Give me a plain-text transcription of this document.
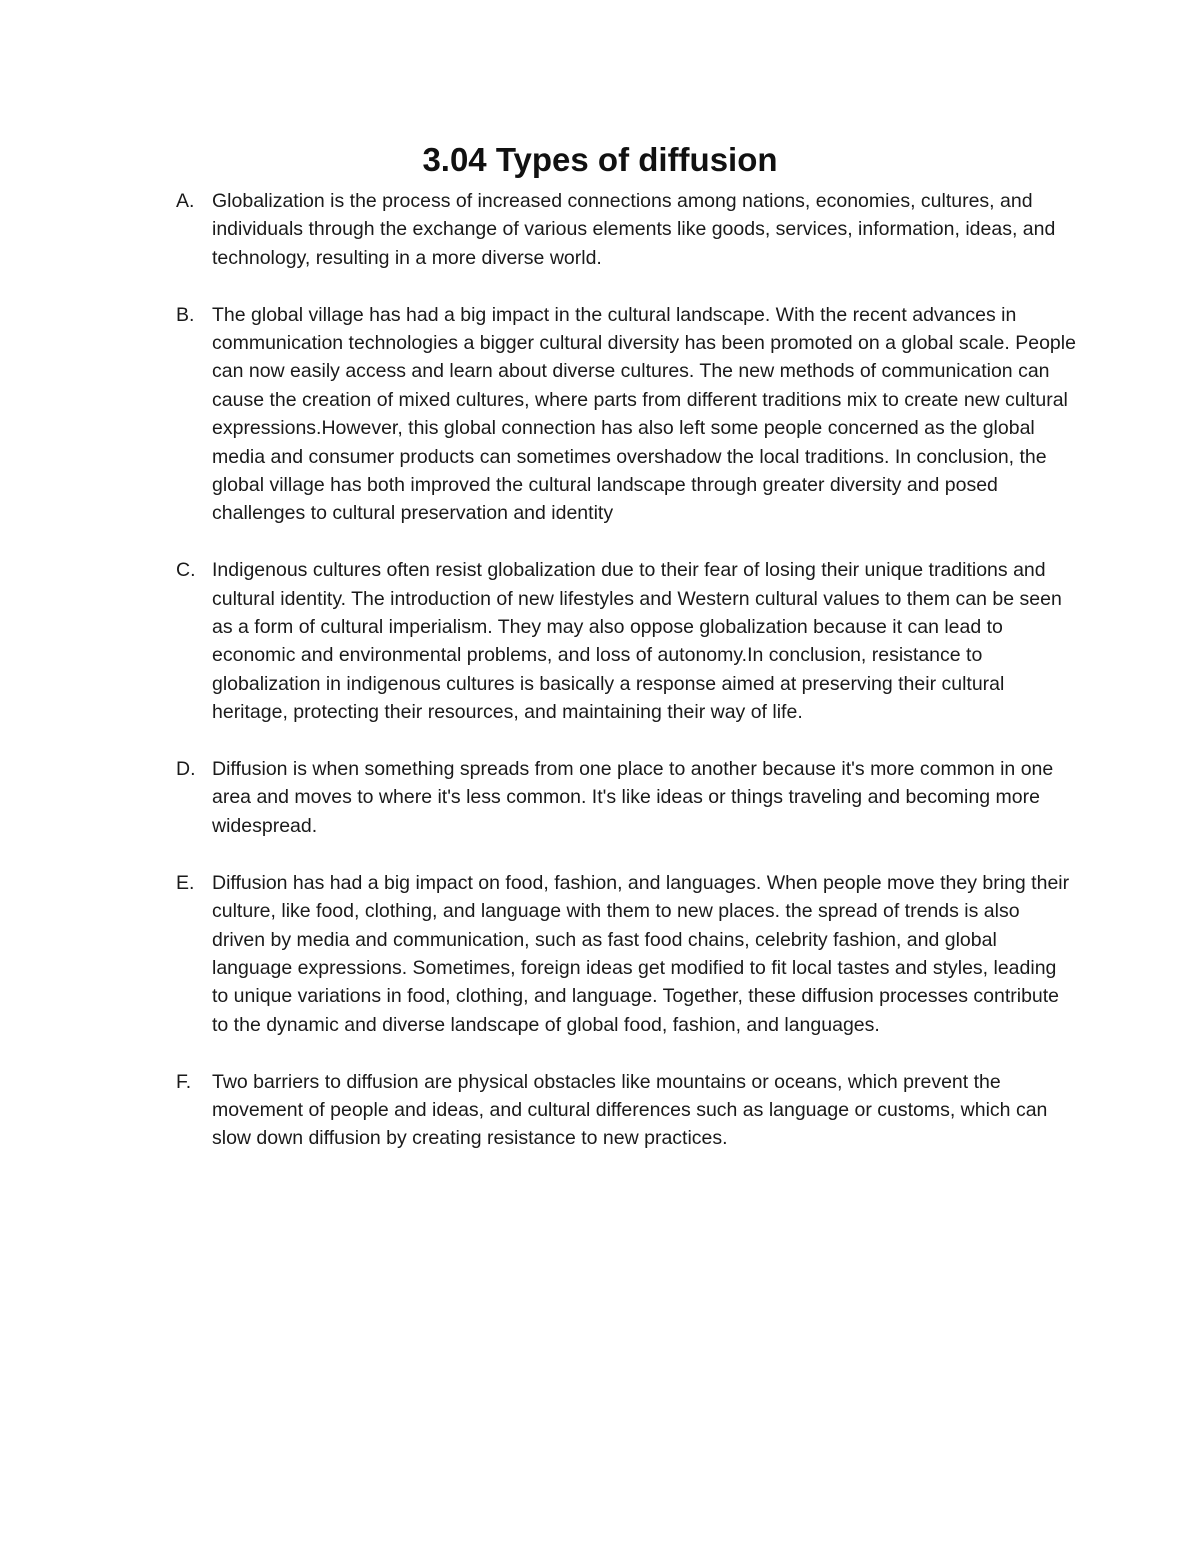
3.04 Types of diffusion
A. Globalization is the process of increased connections among nations, economies, cultures, and individuals through the exchange of various elements like goods, services, information, ideas, and technology, resulting in a more diverse world.
B. The global village has had a big impact in the cultural landscape. With the recent advances in communication technologies a bigger cultural diversity has been promoted on a global scale. People can now easily access and learn about diverse cultures. The new methods of communication can cause the creation of mixed cultures, where parts from different traditions mix to create new cultural expressions.However, this global connection has also left some people concerned as the global media and consumer products can sometimes overshadow the local traditions. In conclusion, the global village has both improved the cultural landscape through greater diversity and posed challenges to cultural preservation and identity
C. Indigenous cultures often resist globalization due to their fear of losing their unique traditions and cultural identity. The introduction of new lifestyles and Western cultural values to them can be seen as a form of cultural imperialism. They may also oppose globalization because it can lead to economic and environmental problems, and loss of autonomy.In conclusion, resistance to globalization in indigenous cultures is basically a response aimed at preserving their cultural heritage, protecting their resources, and maintaining their way of life.
D. Diffusion is when something spreads from one place to another because it's more common in one area and moves to where it's less common. It's like ideas or things traveling and becoming more widespread.
E. Diffusion has had a big impact on food, fashion, and languages. When people move they bring their culture, like food, clothing, and language with them to new places. the spread of trends is also driven by media and communication, such as fast food chains, celebrity fashion, and global language expressions. Sometimes, foreign ideas get modified to fit local tastes and styles, leading to unique variations in food, clothing, and language. Together, these diffusion processes contribute to the dynamic and diverse landscape of global food, fashion, and languages.
F.	Two barriers to diffusion are physical obstacles like mountains or oceans, which prevent the movement of people and ideas, and cultural differences such as language or customs, which can slow down diffusion by creating resistance to new practices.
